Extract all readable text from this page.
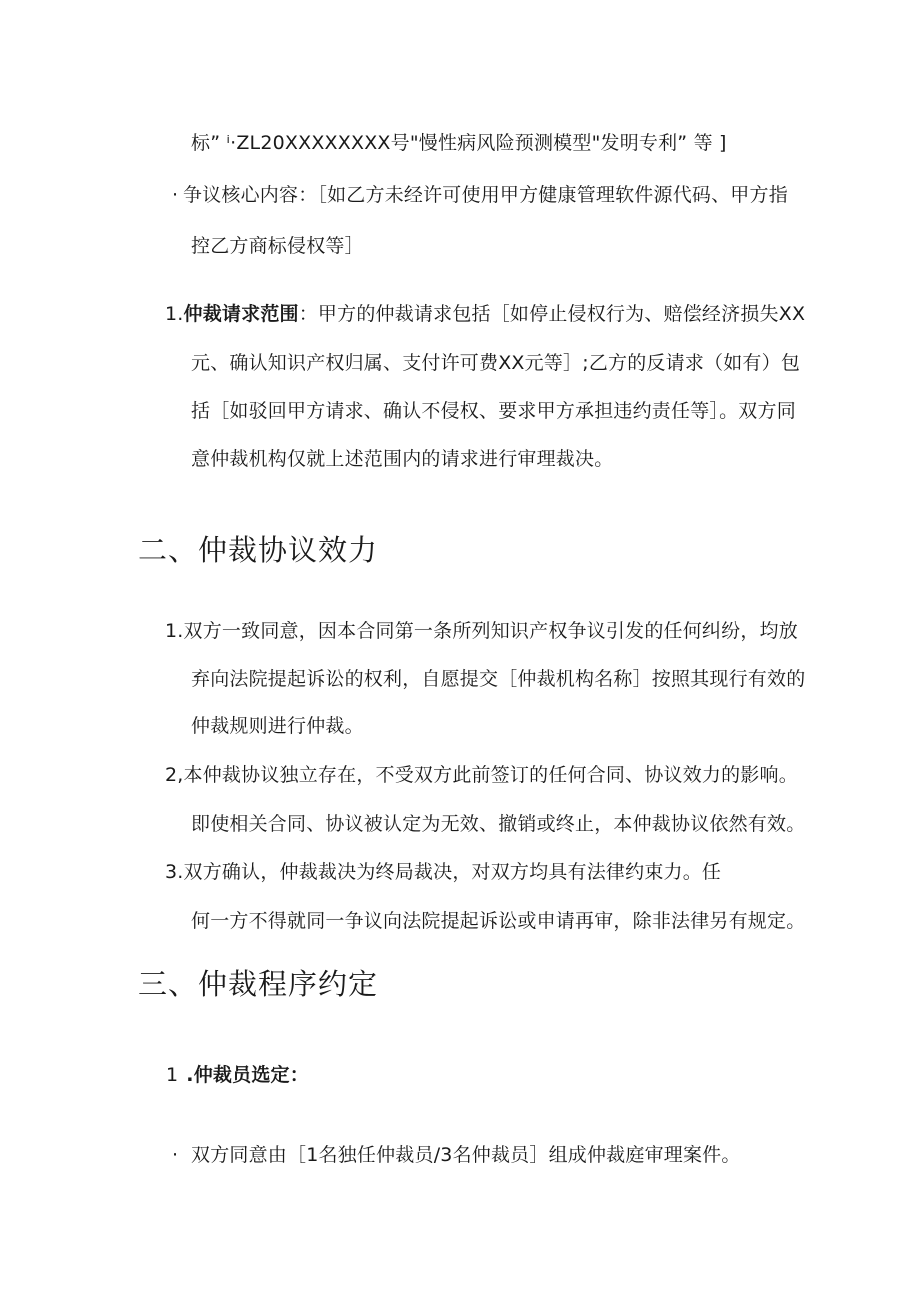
标” ⁱ·ZL20XXXXXXXX号"慢性病风险预测模型"发明专利” 等 ]
· 争议核心内容：［如乙方未经许可使用甲方健康管理软件源代码、甲方指
控乙方商标侵权等］
1.仲裁请求范围：甲方的仲裁请求包括［如停止侵权行为、赔偿经济损失XX
元、确认知识产权归属、支付许可费XX元等］;乙方的反请求（如有）包
括［如驳回甲方请求、确认不侵权、要求甲方承担违约责任等］。双方同
意仲裁机构仅就上述范围内的请求进行审理裁决。
二、仲裁协议效力
1.双方一致同意，因本合同第一条所列知识产权争议引发的任何纠纷，均放
弃向法院提起诉讼的权利，自愿提交［仲裁机构名称］按照其现行有效的
仲裁规则进行仲裁。
2,本仲裁协议独立存在，不受双方此前签订的任何合同、协议效力的影响。
即使相关合同、协议被认定为无效、撤销或终止，本仲裁协议依然有效。
3.双方确认，仲裁裁决为终局裁决，对双方均具有法律约束力。任
何一方不得就同一争议向法院提起诉讼或申请再审，除非法律另有规定。
三、仲裁程序约定
1 .仲裁员选定：
· 双方同意由［1名独任仲裁员/3名仲裁员］组成仲裁庭审理案件。
